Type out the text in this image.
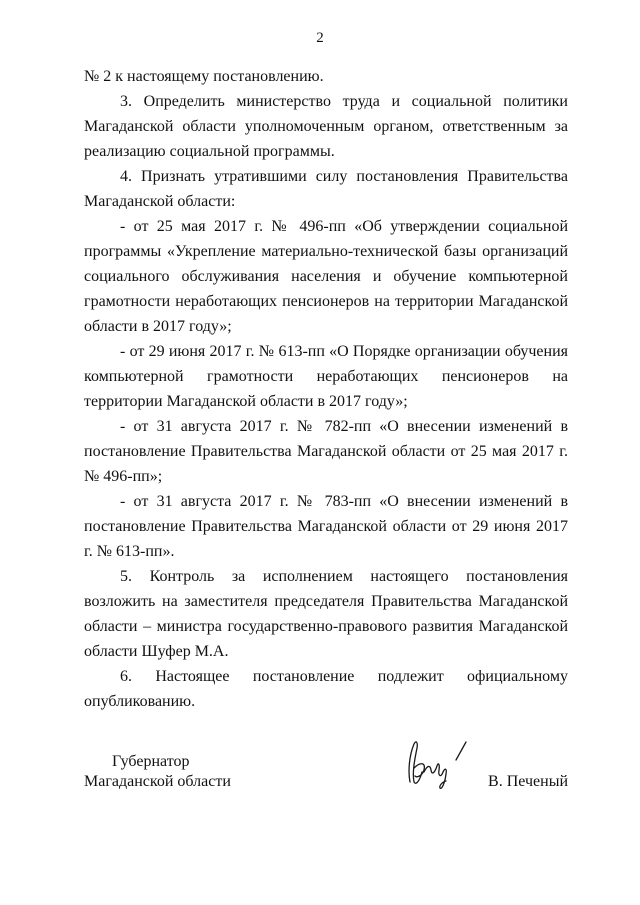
2

№ 2 к настоящему постановлению.

3. Определить министерство труда и социальной политики Магаданской области уполномоченным органом, ответственным за реализацию социальной программы.

4. Признать утратившими силу постановления Правительства Магаданской области:

- от 25 мая 2017 г. № 496-пп «Об утверждении социальной программы «Укрепление материально-технической базы организаций социального обслуживания населения и обучение компьютерной грамотности неработающих пенсионеров на территории Магаданской области в 2017 году»;

- от 29 июня 2017 г. № 613-пп «О Порядке организации обучения компьютерной грамотности неработающих пенсионеров на территории Магаданской области в 2017 году»;

- от 31 августа 2017 г. № 782-пп «О внесении изменений в постановление Правительства Магаданской области от 25 мая 2017 г. № 496-пп»;

- от 31 августа 2017 г. № 783-пп «О внесении изменений в постановление Правительства Магаданской области от 29 июня 2017 г. № 613-пп».

5. Контроль за исполнением настоящего постановления возложить на заместителя председателя Правительства Магаданской области – министра государственно-правового развития Магаданской области Шуфер М.А.

6. Настоящее постановление подлежит официальному опубликованию.

Губернатор
Магаданской области	В. Печеный
